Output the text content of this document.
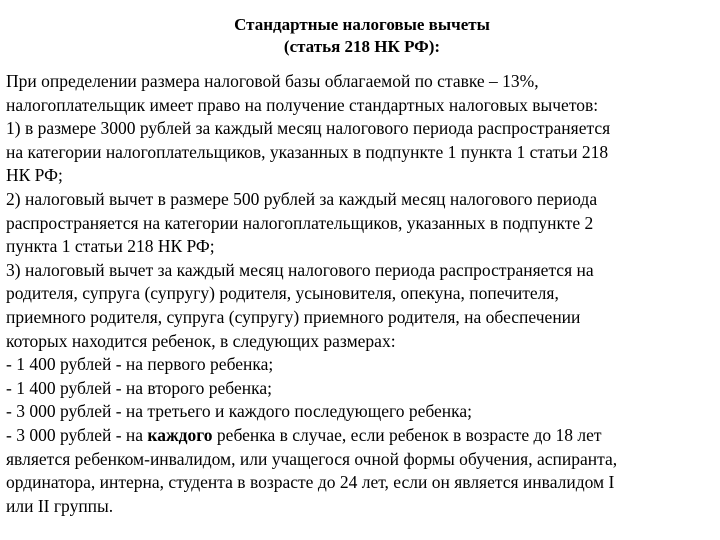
Стандартные налоговые вычеты
(статья 218 НК РФ):
При определении размера налоговой базы облагаемой по ставке – 13%,
налогоплательщик имеет право на получение стандартных налоговых вычетов:
1) в размере 3000 рублей за каждый месяц налогового периода распространяется
на категории налогоплательщиков, указанных в подпункте 1 пункта 1 статьи 218
НК РФ;
2) налоговый вычет в размере 500 рублей за каждый месяц налогового периода
распространяется на категории налогоплательщиков, указанных в подпункте 2
пункта 1 статьи 218 НК РФ;
3) налоговый вычет за каждый месяц налогового периода распространяется на
родителя, супруга (супругу) родителя, усыновителя, опекуна, попечителя,
приемного родителя, супруга (супругу) приемного родителя, на обеспечении
которых находится ребенок, в следующих размерах:
- 1 400 рублей - на первого ребенка;
- 1 400 рублей - на второго ребенка;
- 3 000 рублей - на третьего и каждого последующего ребенка;
- 3 000 рублей - на каждого ребенка в случае, если ребенок в возрасте до 18 лет
является ребенком-инвалидом, или учащегося очной формы обучения, аспиранта,
ординатора, интерна, студента в возрасте до 24 лет, если он является инвалидом I
или II группы.
